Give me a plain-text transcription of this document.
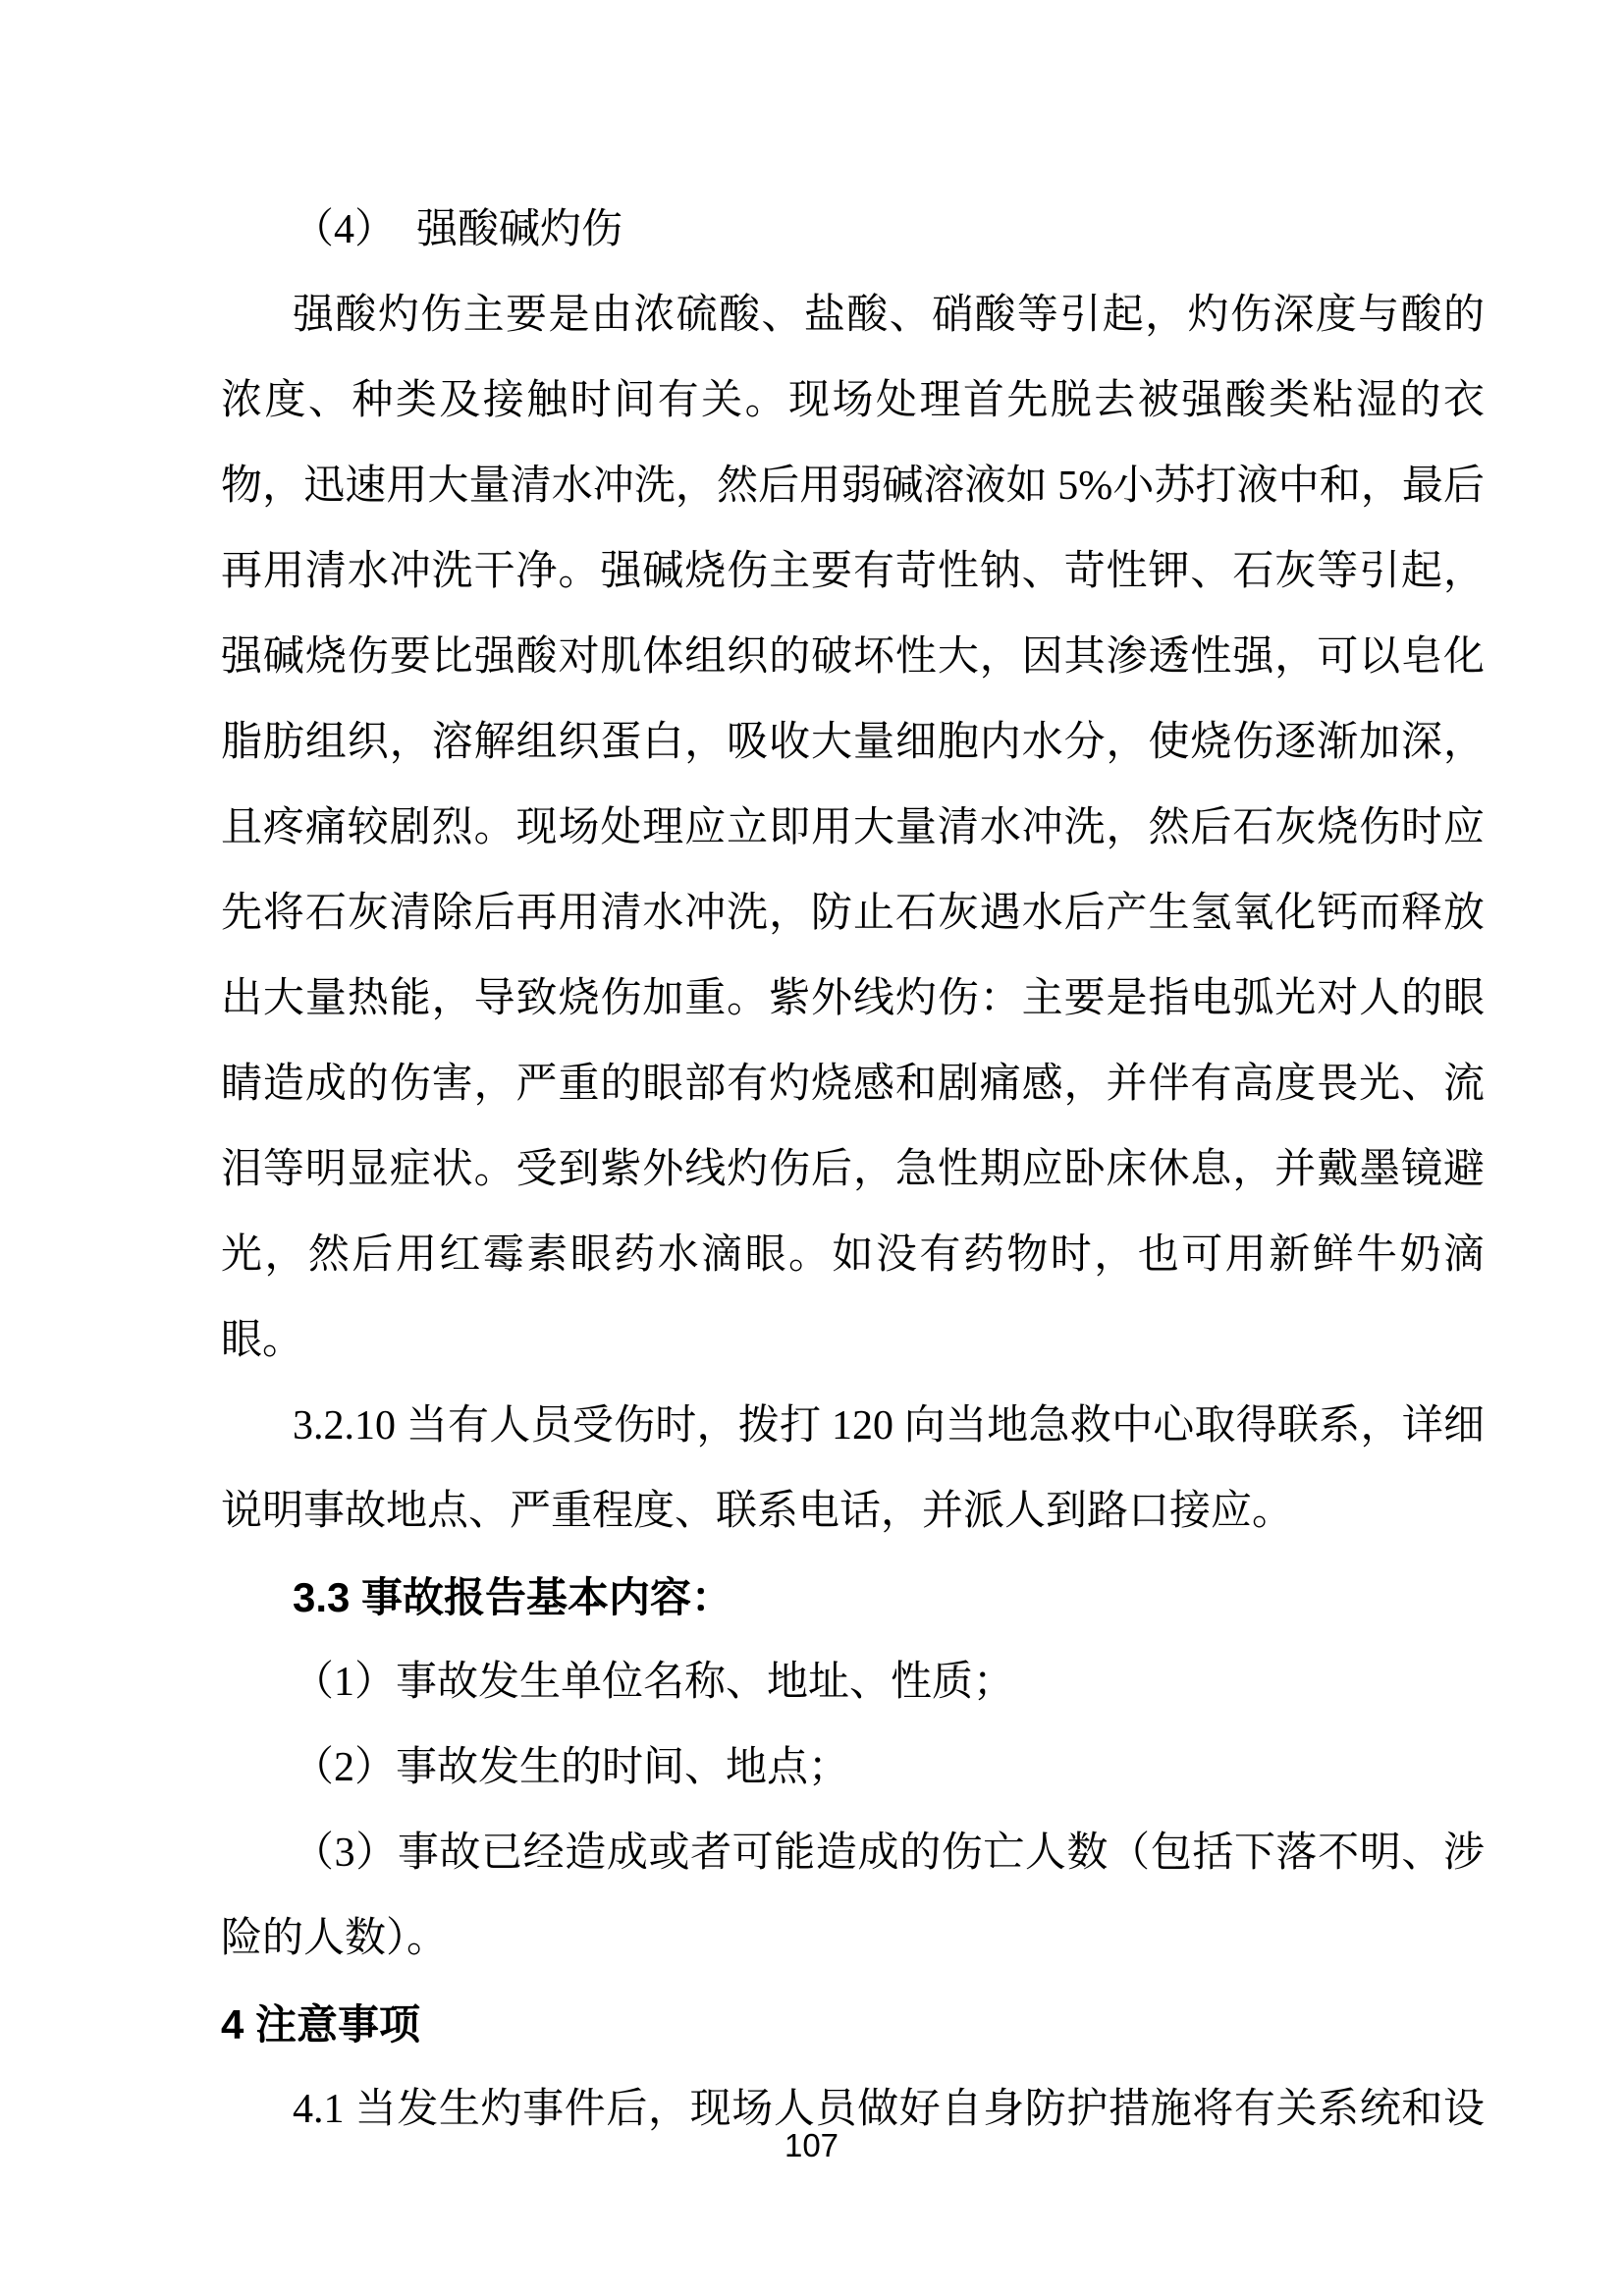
（4）　强酸碱灼伤

强酸灼伤主要是由浓硫酸、盐酸、硝酸等引起，灼伤深度与酸的浓度、种类及接触时间有关。现场处理首先脱去被强酸类粘湿的衣物，迅速用大量清水冲洗，然后用弱碱溶液如 5%小苏打液中和，最后再用清水冲洗干净。强碱烧伤主要有苛性钠、苛性钾、石灰等引起，强碱烧伤要比强酸对肌体组织的破坏性大，因其渗透性强，可以皂化脂肪组织，溶解组织蛋白，吸收大量细胞内水分，使烧伤逐渐加深，且疼痛较剧烈。现场处理应立即用大量清水冲洗，然后石灰烧伤时应先将石灰清除后再用清水冲洗，防止石灰遇水后产生氢氧化钙而释放出大量热能，导致烧伤加重。紫外线灼伤：主要是指电弧光对人的眼睛造成的伤害，严重的眼部有灼烧感和剧痛感，并伴有高度畏光、流泪等明显症状。受到紫外线灼伤后，急性期应卧床休息，并戴墨镜避光，然后用红霉素眼药水滴眼。如没有药物时，也可用新鲜牛奶滴眼。

3.2.10 当有人员受伤时，拨打 120 向当地急救中心取得联系，详细说明事故地点、严重程度、联系电话，并派人到路口接应。

3.3 事故报告基本内容：

（1）事故发生单位名称、地址、性质；

（2）事故发生的时间、地点；

（3）事故已经造成或者可能造成的伤亡人数（包括下落不明、涉险的人数）。

4 注意事项

4.1 当发生灼事件后，现场人员做好自身防护措施将有关系统和设

107
